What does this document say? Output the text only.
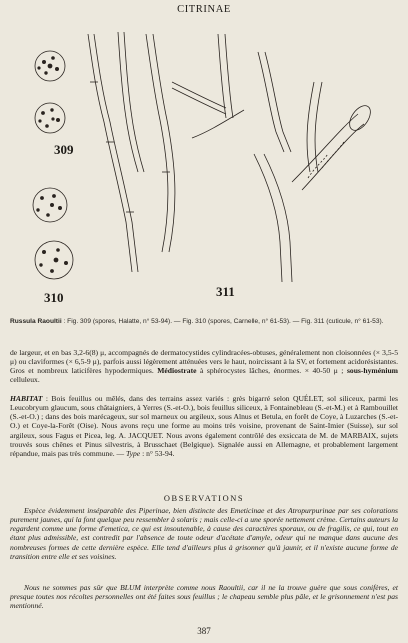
CITRINAE
309
310	311
Russula Raoultii : Fig. 309 (spores, Halatte, n° 53-94). — Fig. 310 (spores, Carnelle, n° 61-53). — Fig. 311 (cuticule, n° 61-53).
de largeur, et en bas 3,2-6(8) μ, accompagnés de dermatocystides cylindracées-obtuses, généralement non cloisonnées (× 3,5-5 μ) ou claviformes (× 6,5-9 μ), parfois aussi légèrement atténuées vers le haut, noircissant à la SV, et fortement acidorésistantes. Gros et nombreux laticifères hypodermiques. Médiostrate à sphérocystes lâches, énormes. × 40-50 μ ; sous-hyménium celluleux.
HABITAT : Bois feuillus ou mêlés, dans des terrains assez variés : grès bigarré selon QUÉLET, sol siliceux, parmi les Leucobryum glaucum, sous châtaigniers, à Yerres (S.-et-O.), bois feuillus siliceux, à Fontainebleau (S.-et-M.) et à Rambouillet (S.-et-O.) ; dans des bois marécageux, sur sol marneux ou argileux, sous Alnus et Betula, en forêt de Coye, à Luzarches (S.-et-O.) et Coye-la-Forêt (Oise). Nous avons reçu une forme au moins très voisine, provenant de Saint-Imier (Suisse), sur sol argileux, sous Fagus et Picea, leg. A. JACQUET. Nous avons également contrôlé des exsiccata de M. de MARBAIX, sujets trouvés sous chênes et Pinus silvestris, à Brusschaet (Belgique). Signalée aussi en Allemagne, et probablement largement répandue, mais pas très commune. — Type : n° 53-94.
OBSERVATIONS
Espèce évidemment inséparable des Piperinae, bien distincte des Emeticinae et des Atropurpurinae par ses colorations purement jaunes, qui la font quelque peu ressembler à solaris ; mais celle-ci a une sporée nettement crème. Certains auteurs la regardent comme une forme d'emetica, ce qui est insoutenable, à cause des caractères sporaux, ou de fragilis, ce qui, tout en étant plus admissible, est contredit par l'absence de toute odeur d'acétate d'amyle, odeur qui ne manque dans aucune des nombreuses formes de cette dernière espèce. Elle tend d'ailleurs plus à grisonner qu'à jaunir, et il n'existe aucune forme de transition entre elle et ses voisines.
Nous ne sommes pas sûr que BLUM interprète comme nous Raoultii, car il ne la trouve guère que sous conifères, et presque toutes nos récoltes personnelles ont été faites sous feuillus ; le chapeau semble plus pâle, et le grisonnement n'est pas mentionné.
387
